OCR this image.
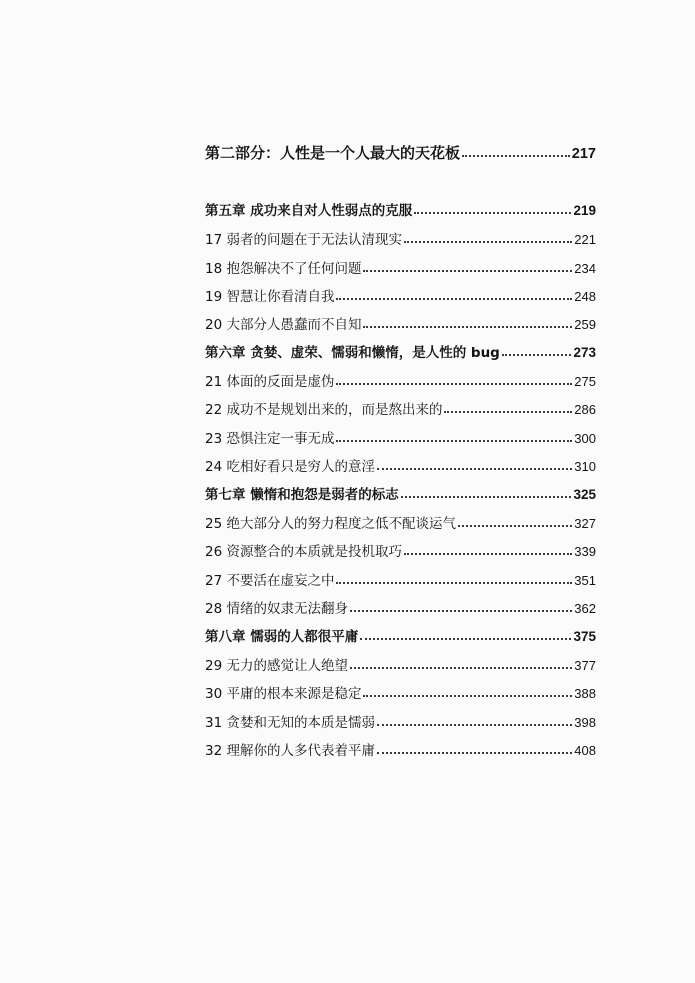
第二部分：人性是一个人最大的天花板	217
第五章 成功来自对人性弱点的克服	219
17 弱者的问题在于无法认清现实	221
18 抱怨解决不了任何问题	234
19 智慧让你看清自我	248
20 大部分人愚蠢而不自知	259
第六章 贪婪、虚荣、懦弱和懒惰，是人性的 bug	273
21 体面的反面是虚伪	275
22 成功不是规划出来的，而是熬出来的	286
23 恐惧注定一事无成	300
24 吃相好看只是穷人的意淫	310
第七章 懒惰和抱怨是弱者的标志	325
25 绝大部分人的努力程度之低不配谈运气	327
26 资源整合的本质就是投机取巧	339
27 不要活在虚妄之中	351
28 情绪的奴隶无法翻身	362
第八章 懦弱的人都很平庸	375
29 无力的感觉让人绝望	377
30 平庸的根本来源是稳定	388
31 贪婪和无知的本质是懦弱	398
32 理解你的人多代表着平庸	408
